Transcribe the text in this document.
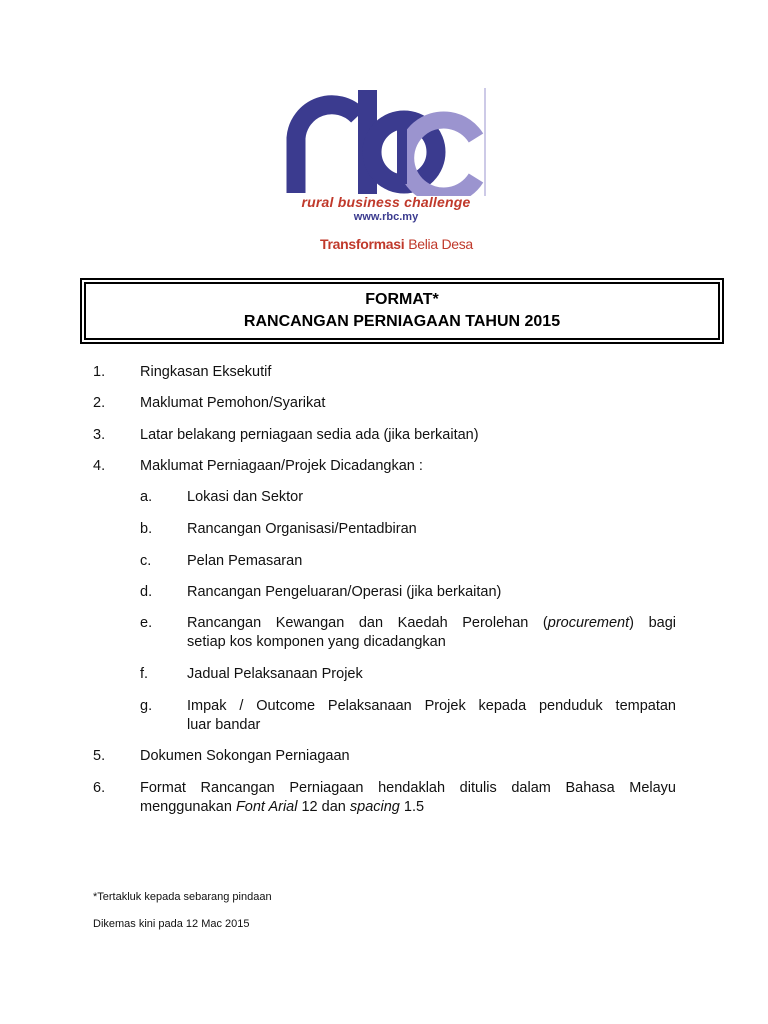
rural business challenge
www.rbc.my
Transformasi Belia Desa
FORMAT*
RANCANGAN PERNIAGAAN TAHUN 2015
1. Ringkasan Eksekutif
2. Maklumat Pemohon/Syarikat
3. Latar belakang perniagaan sedia ada (jika berkaitan)
4. Maklumat Perniagaan/Projek Dicadangkan :
a. Lokasi dan Sektor
b. Rancangan Organisasi/Pentadbiran
c. Pelan Pemasaran
d. Rancangan Pengeluaran/Operasi (jika berkaitan)
e. Rancangan Kewangan dan Kaedah Perolehan (procurement) bagi
setiap kos komponen yang dicadangkan
f.	Jadual Pelaksanaan Projek
g. Impak / Outcome Pelaksanaan Projek kepada penduduk tempatan
luar bandar
5. Dokumen Sokongan Perniagaan
6. Format Rancangan Perniagaan hendaklah ditulis dalam Bahasa Melayu
menggunakan Font Arial 12 dan spacing 1.5
*Tertakluk kepada sebarang pindaan
Dikemas kini pada 12 Mac 2015
